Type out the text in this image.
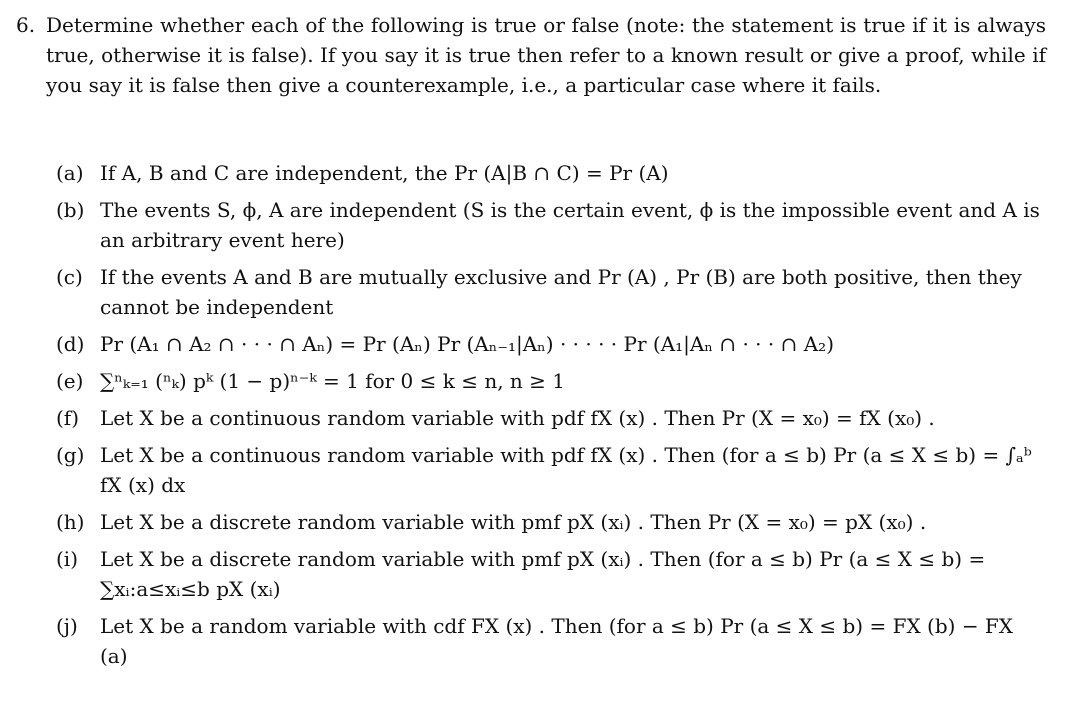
6. Determine whether each of the following is true or false (note: the statement is true if it is always true, otherwise it is false). If you say it is true then refer to a known result or give a proof, while if you say it is false then give a counterexample, i.e., a particular case where it fails.
(a) If A, B and C are independent, the Pr (A|B ∩ C) = Pr (A)
(b) The events S, ϕ, A are independent (S is the certain event, ϕ is the impossible event and A is an arbitrary event here)
(c) If the events A and B are mutually exclusive and Pr (A) , Pr (B) are both positive, then they cannot be independent
(d) Pr (A₁ ∩ A₂ ∩ · · · ∩ Aₙ) = Pr (Aₙ) Pr (Aₙ₋₁|Aₙ) · · · · · Pr (A₁|Aₙ ∩ · · · ∩ A₂)
(e) ∑ⁿₖ₌₁ (ⁿₖ) pᵏ (1 − p)ⁿ⁻ᵏ = 1 for 0 ≤ k ≤ n, n ≥ 1
(f) Let X be a continuous random variable with pdf fX (x) . Then Pr (X = x₀) = fX (x₀) .
(g) Let X be a continuous random variable with pdf fX (x) . Then (for a ≤ b) Pr (a ≤ X ≤ b) = ∫ₐᵇ fX (x) dx
(h) Let X be a discrete random variable with pmf pX (xᵢ) . Then Pr (X = x₀) = pX (x₀) .
(i) Let X be a discrete random variable with pmf pX (xᵢ) . Then (for a ≤ b) Pr (a ≤ X ≤ b) = ∑xᵢ:a≤xᵢ≤b pX (xᵢ)
(j) Let X be a random variable with cdf FX (x) . Then (for a ≤ b) Pr (a ≤ X ≤ b) = FX (b) − FX (a)
